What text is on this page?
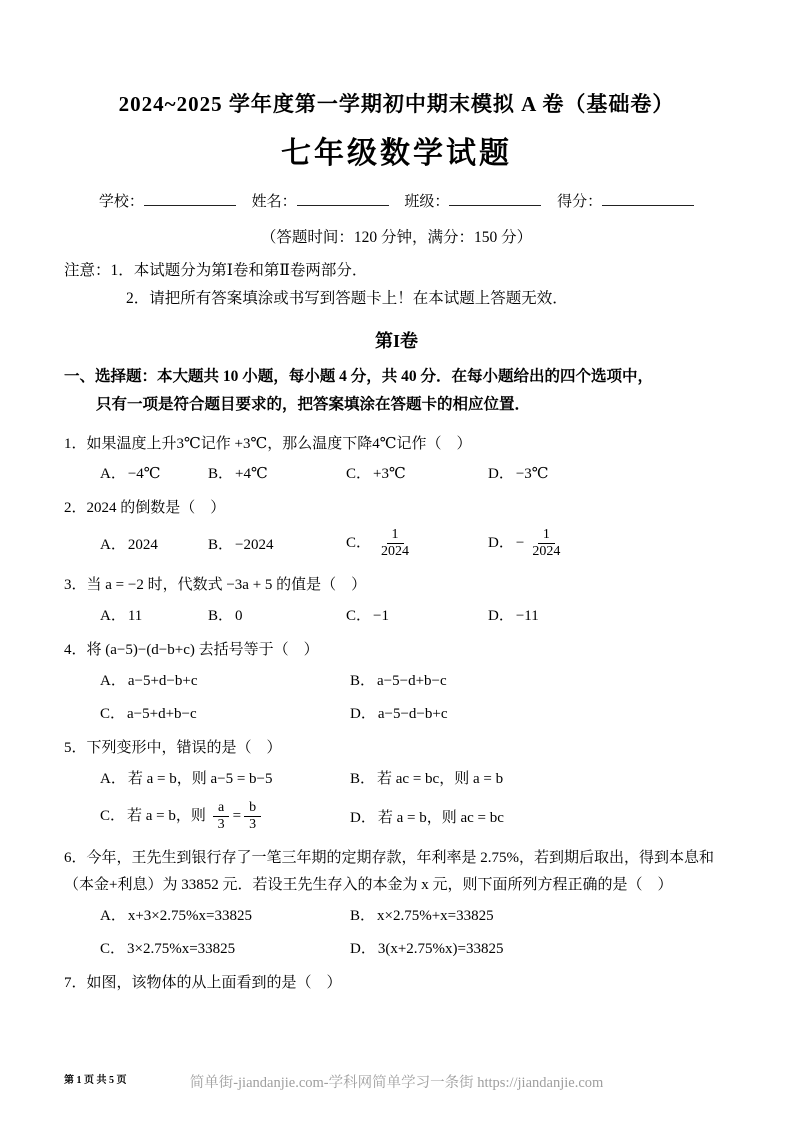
2024~2025 学年度第一学期初中期末模拟 A 卷（基础卷）

七年级数学试题

学校：	姓名：	班级：	得分：
（答题时间：120 分钟，满分：150 分）
注意：1．本试题分为第Ⅰ卷和第Ⅱ卷两部分．
2．请把所有答案填涂或书写到答题卡上！在本试题上答题无效．
第I卷
一、选择题：本大题共 10 小题，每小题 4 分，共 40 分．在每小题给出的四个选项中，
只有一项是符合题目要求的，把答案填涂在答题卡的相应位置．

1．如果温度上升3℃记作 +3℃，那么温度下降4℃记作（　）

A． −4℃	B． +4℃	C． +3℃	D． −3℃

2．2024 的倒数是（　）

A． 2024	B． −2024	C． $\frac{1}{2024}$	D． − $\frac{1}{2024}$

3．当 a = −2 时，代数式 −3a + 5 的值是（　）

A． 11	B． 0	C． −1	D． −11

4．将 (a−5)−(d−b+c) 去括号等于（　）

A． a−5+d−b+c	B． a−5−d+b−c
C． a−5+d+b−c	D． a−5−d−b+c

5．下列变形中，错误的是（　）

A． 若 a = b，则 a−5 = b−5	B． 若 ac = bc，则 a = b
C． 若 a = b，则 $\frac{a}{3} = \frac{b}{3}$	D． 若 a = b，则 ac = bc

6．今年，王先生到银行存了一笔三年期的定期存款，年利率是 2.75%，若到期后取出，得到本息和（本金+利息）为 33852 元．若设王先生存入的本金为 x 元，则下面所列方程正确的是（　）

A． x+3×2.75%x=33825	B． x×2.75%+x=33825
C． 3×2.75%x=33825	D． 3(x+2.75%x)=33825

7．如图，该物体的从上面看到的是（　）

第 1 页 共 5 页	简单街-jiandanjie.com-学科网简单学习一条街 https://jiandanjie.com
